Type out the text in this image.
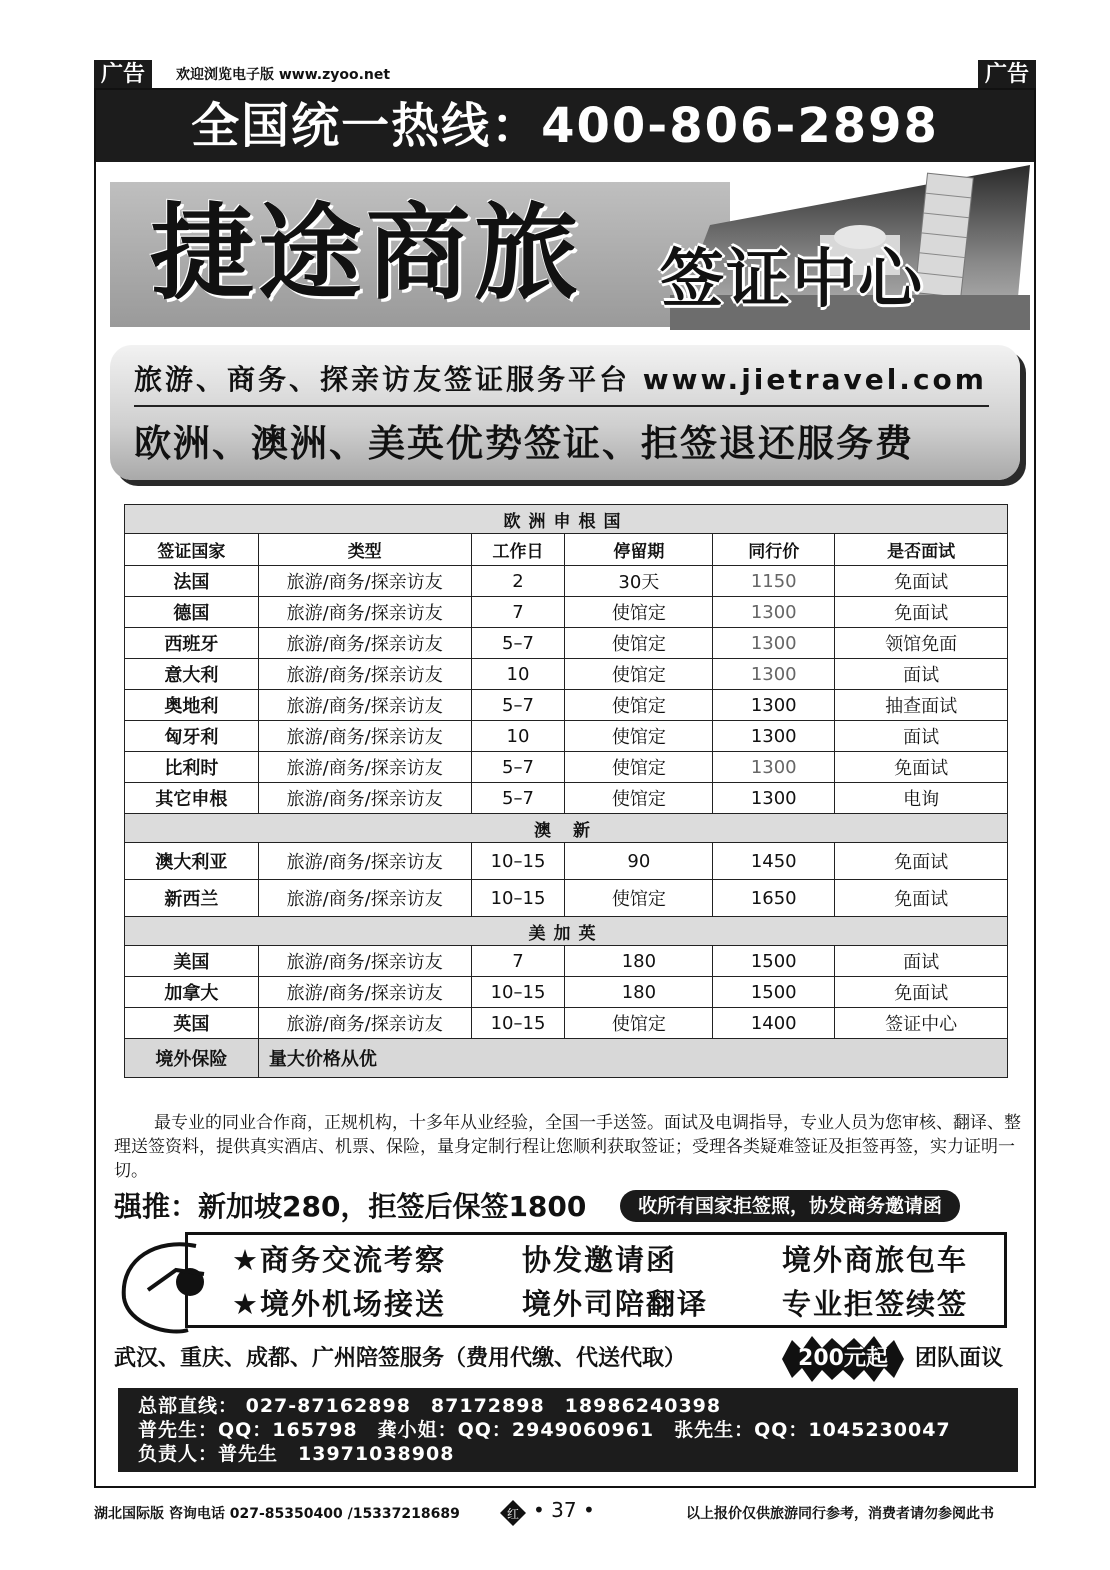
广告	欢迎浏览电子版 www.zyoo.net	广告
全国统一热线：400-806-2898
捷途商旅 签证中心
旅游、商务、探亲访友签证服务平台 www.jietravel.com
欧洲、澳洲、美英优势签证、拒签退还服务费
欧洲申根国					
签证国家	类型	工作日	停留期	同行价	是否面试
法国	旅游/商务/探亲访友	2	30天	1150	免面试
德国	旅游/商务/探亲访友	7	使馆定	1300	免面试
西班牙	旅游/商务/探亲访友	5–7	使馆定	1300	领馆免面
意大利	旅游/商务/探亲访友	10	使馆定	1300	面试
奥地利	旅游/商务/探亲访友	5–7	使馆定	1300	抽查面试
匈牙利	旅游/商务/探亲访友	10	使馆定	1300	面试
比利时	旅游/商务/探亲访友	5–7	使馆定	1300	免面试
其它申根	旅游/商务/探亲访友	5–7	使馆定	1300	电询
澳 新					
澳大利亚	旅游/商务/探亲访友	10–15	90	1450	免面试
新西兰	旅游/商务/探亲访友	10–15	使馆定	1650	免面试
美加英					
美国	旅游/商务/探亲访友	7	180	1500	面试
加拿大	旅游/商务/探亲访友	10–15	180	1500	免面试
英国	旅游/商务/探亲访友	10–15	使馆定	1400	签证中心
境外保险	量大价格从优				
最专业的同业合作商，正规机构，十多年从业经验，全国一手送签。面试及电调指导，专业人员为您审核、翻译、整理送签资料，提供真实酒店、机票、保险，量身定制行程让您顺利获取签证；受理各类疑难签证及拒签再签，实力证明一切。
强推：新加坡280，拒签后保签1800	收所有国家拒签照，协发商务邀请函
★商务交流考察	协发邀请函	境外商旅包车
★境外机场接送	境外司陪翻译	专业拒签续签
武汉、重庆、成都、广州陪签服务（费用代缴、代送代取）	200元起	团队面议
总部直线： 027-87162898　87172898　18986240398
普先生：QQ：165798　龚小姐：QQ：2949060961　张先生：QQ：1045230047
负责人：普先生　13971038908
湖北国际版 咨询电话 027-85350400 /15337218689	红 • 37 •	以上报价仅供旅游同行参考，消费者请勿参阅此书
